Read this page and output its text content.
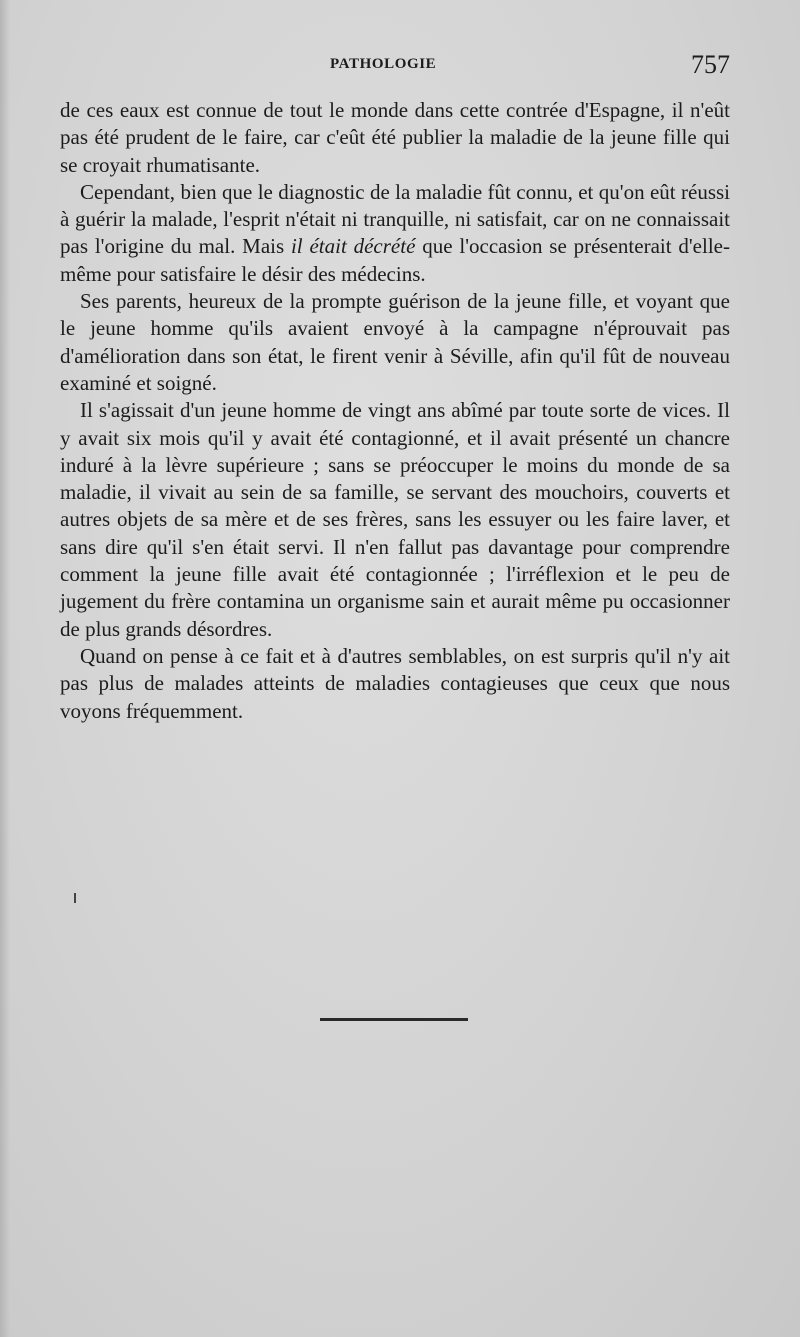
PATHOLOGIE	757

de ces eaux est connue de tout le monde dans cette contrée d'Espagne, il n'eût pas été prudent de le faire, car c'eût été publier la maladie de la jeune fille qui se croyait rhumatisante.

Cependant, bien que le diagnostic de la maladie fût connu, et qu'on eût réussi à guérir la malade, l'esprit n'était ni tranquille, ni satisfait, car on ne connaissait pas l'origine du mal. Mais il était décrété que l'occasion se présenterait d'elle-même pour satisfaire le désir des médecins.

Ses parents, heureux de la prompte guérison de la jeune fille, et voyant que le jeune homme qu'ils avaient envoyé à la campagne n'éprouvait pas d'amélioration dans son état, le firent venir à Séville, afin qu'il fût de nouveau examiné et soigné.

Il s'agissait d'un jeune homme de vingt ans abîmé par toute sorte de vices. Il y avait six mois qu'il y avait été contagionné, et il avait présenté un chancre induré à la lèvre supérieure ; sans se préoccuper le moins du monde de sa maladie, il vivait au sein de sa famille, se servant des mouchoirs, couverts et autres objets de sa mère et de ses frères, sans les essuyer ou les faire laver, et sans dire qu'il s'en était servi. Il n'en fallut pas davantage pour comprendre comment la jeune fille avait été contagionnée ; l'irréflexion et le peu de jugement du frère contamina un organisme sain et aurait même pu occasionner de plus grands désordres.

Quand on pense à ce fait et à d'autres semblables, on est surpris qu'il n'y ait pas plus de malades atteints de maladies contagieuses que ceux que nous voyons fréquemment.
